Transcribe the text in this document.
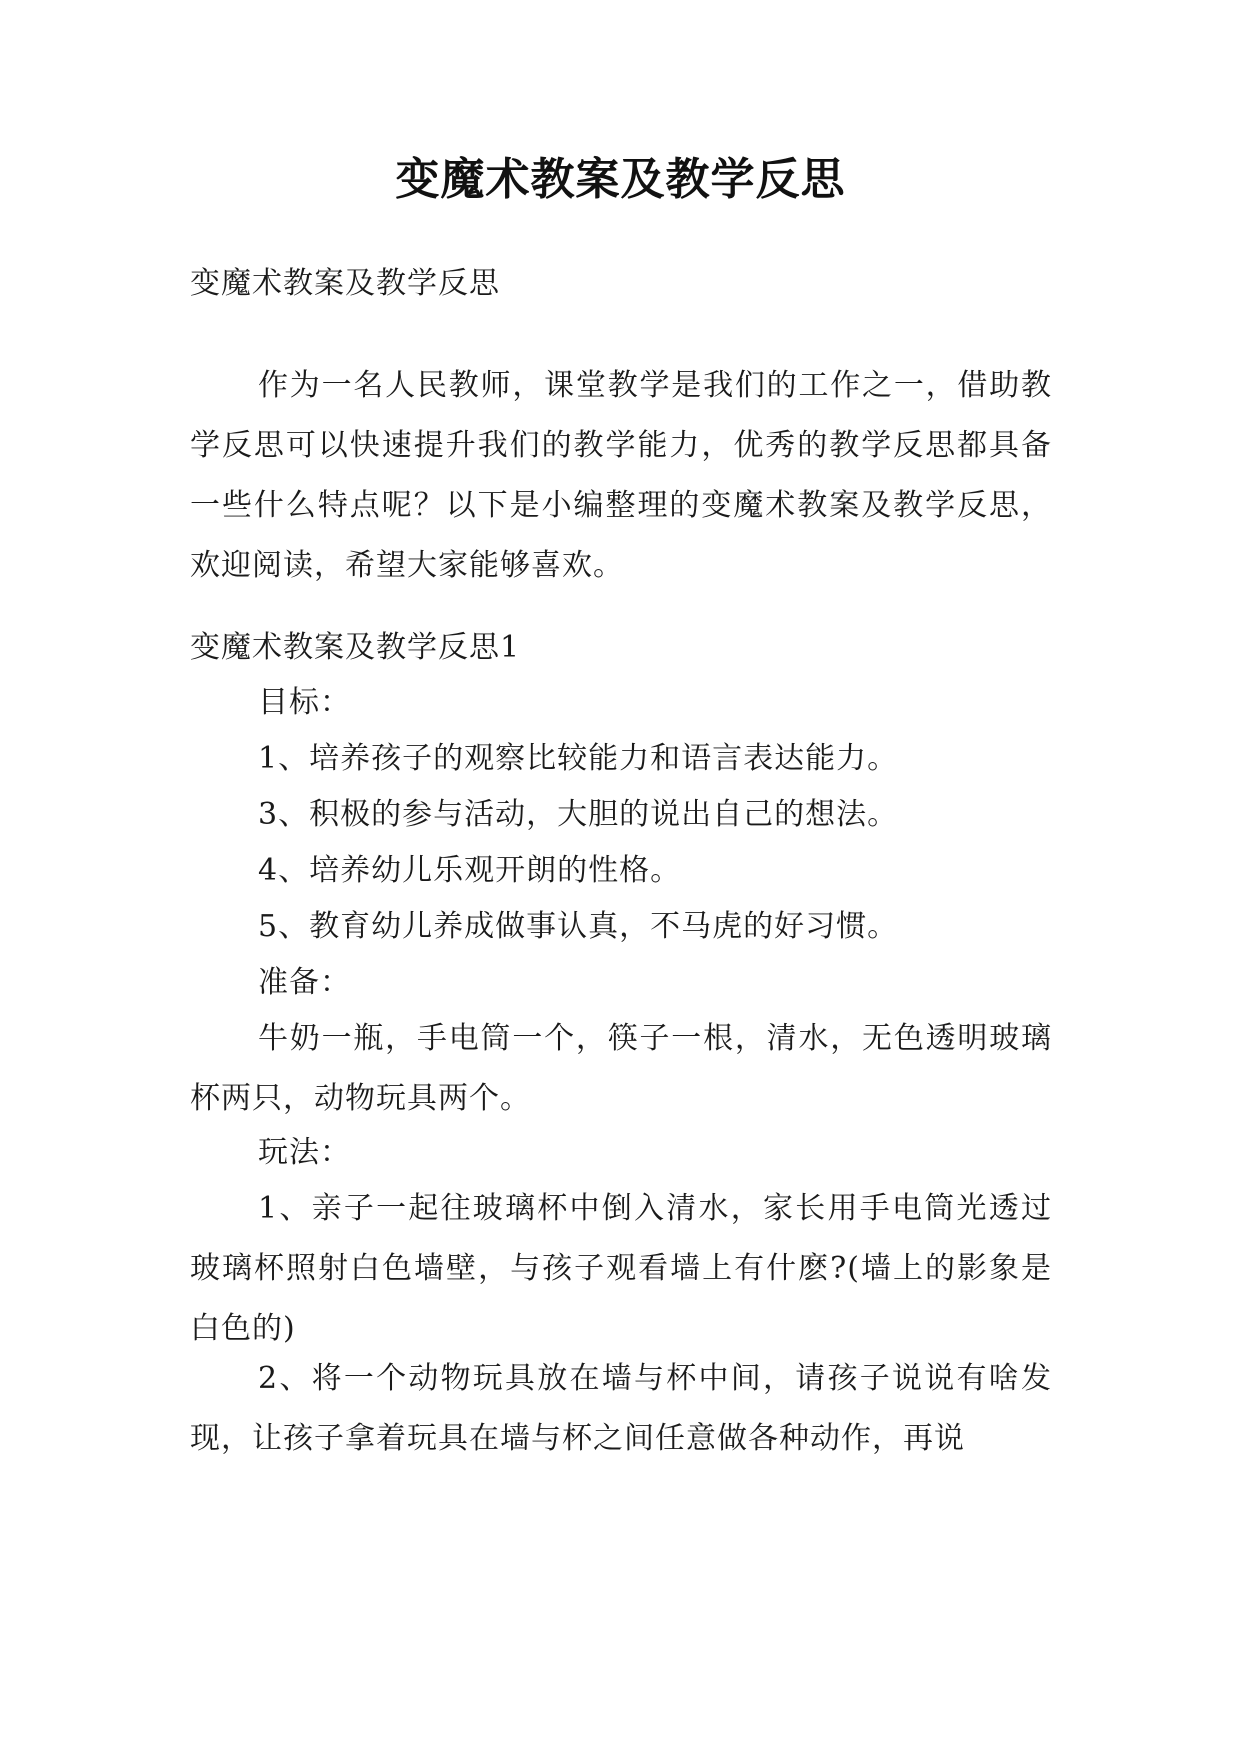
变魔术教案及教学反思

变魔术教案及教学反思

作为一名人民教师，课堂教学是我们的工作之一，借助教学反思可以快速提升我们的教学能力，优秀的教学反思都具备一些什么特点呢？以下是小编整理的变魔术教案及教学反思，欢迎阅读，希望大家能够喜欢。

变魔术教案及教学反思1

目标：

1、培养孩子的观察比较能力和语言表达能力。

3、积极的参与活动，大胆的说出自己的想法。

4、培养幼儿乐观开朗的性格。

5、教育幼儿养成做事认真，不马虎的好习惯。

准备：

牛奶一瓶，手电筒一个，筷子一根，清水，无色透明玻璃杯两只，动物玩具两个。

玩法：

1、亲子一起往玻璃杯中倒入清水，家长用手电筒光透过玻璃杯照射白色墙壁，与孩子观看墙上有什麽?(墙上的影象是白色的)

2、将一个动物玩具放在墙与杯中间，请孩子说说有啥发现，让孩子拿着玩具在墙与杯之间任意做各种动作，再说
